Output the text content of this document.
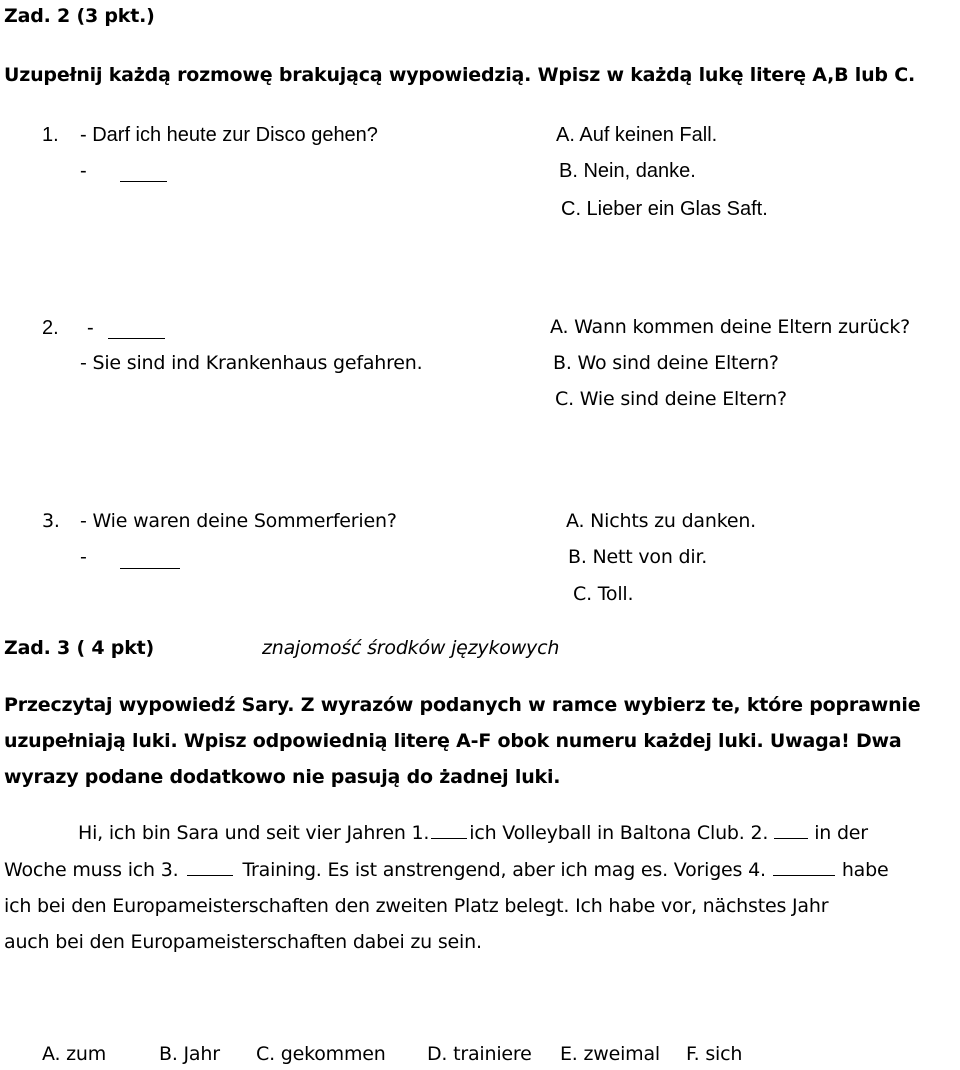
Zad. 2 (3 pkt.)
Uzupełnij każdą rozmowę brakującą wypowiedzią. Wpisz w każdą lukę literę A,B lub C.
1. - Darf ich heute zur Disco gehen?
-
A. Auf keinen Fall.
B. Nein, danke.
C. Lieber ein Glas Saft.
2. -
- Sie sind ind Krankenhaus gefahren.
A. Wann kommen deine Eltern zurück?
B. Wo sind deine Eltern?
C. Wie sind deine Eltern?
3. - Wie waren deine Sommerferien?
-
A. Nichts zu danken.
B. Nett von dir.
C. Toll.
Zad. 3 ( 4 pkt)	znajomość środków językowych
Przeczytaj wypowiedź Sary. Z wyrazów podanych w ramce wybierz te, które poprawnie
uzupełniają luki. Wpisz odpowiednią literę A-F obok numeru każdej luki. Uwaga! Dwa
wyrazy podane dodatkowo nie pasują do żadnej luki.
Hi, ich bin Sara und seit vier Jahren 1. ich Volleyball in Baltona Club. 2. in der
Woche muss ich 3.	Training. Es ist anstrengend, aber ich mag es. Voriges 4.	habe
ich bei den Europameisterschaften den zweiten Platz belegt. Ich habe vor, nächstes Jahr
auch bei den Europameisterschaften dabei zu sein.
A. zum	B. Jahr C. gekommen D. trainiere E. zweimal F. sich
